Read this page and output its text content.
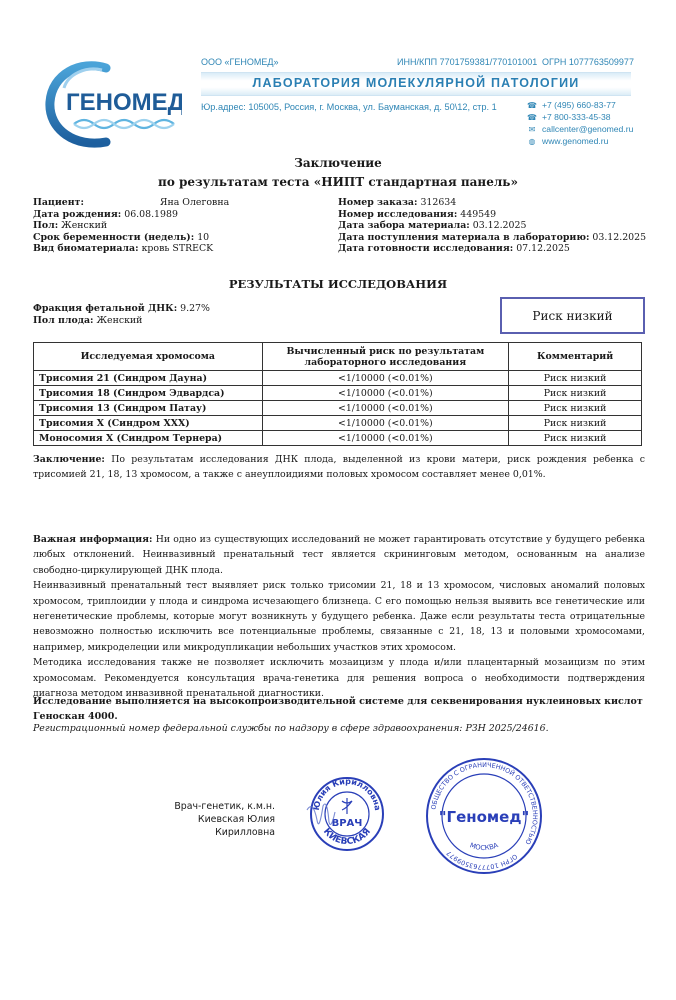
ГЕНОМЕД
ООО «ГЕНОМЕД»	ИНН/КПП 7701759381/770101001 ОГРН 1077763509977
ЛАБОРАТОРИЯ МОЛЕКУЛЯРНОЙ ПАТОЛОГИИ
Юр.адрес: 105005, Россия, г. Москва, ул. Бауманская, д. 50\12, стр. 1	☎ +7 (495) 660-83-77
☎ +7 800-333-45-38
✉ callcenter@genomed.ru
◍ www.genomed.ru
Заключение
по результатам теста «НИПТ стандартная панель»
Пациент:	Яна Олеговна
Дата рождения: 06.08.1989
Пол: Женский
Срок беременности (недель): 10
Вид биоматериала: кровь STRECK
Номер заказа: 312634
Номер исследования: 449549
Дата забора материала: 03.12.2025
Дата поступления материала в лабораторию: 03.12.2025
Дата готовности исследования: 07.12.2025
РЕЗУЛЬТАТЫ ИССЛЕДОВАНИЯ
Фракция фетальной ДНК: 9.27%
Пол плода: Женский	Риск низкий
Исследуемая хромосома	Вычисленный риск по результатам лабораторного исследования	Комментарий
Трисомия 21 (Синдром Дауна)	<1/10000 (<0.01%)	Риск низкий
Трисомия 18 (Синдром Эдвардса)	<1/10000 (<0.01%)	Риск низкий
Трисомия 13 (Синдром Патау)	<1/10000 (<0.01%)	Риск низкий
Трисомия X (Синдром XXX)	<1/10000 (<0.01%)	Риск низкий
Моносомия X (Синдром Тернера)	<1/10000 (<0.01%)	Риск низкий
Заключение: По результатам исследования ДНК плода, выделенной из крови матери, риск рождения ребенка с трисомией 21, 18, 13 хромосом, а также с анеуплоидиями половых хромосом составляет менее 0,01%.

Важная информация: Ни одно из существующих исследований не может гарантировать отсутствие у будущего ребенка любых отклонений. Неинвазивный пренатальный тест является скрининговым методом, основанным на анализе свободно-циркулирующей ДНК плода.

Неинвазивный пренатальный тест выявляет риск только трисомии 21, 18 и 13 хромосом, числовых аномалий половых хромосом, триплоидии у плода и синдрома исчезающего близнеца. С его помощью нельзя выявить все генетические или негенетические проблемы, которые могут возникнуть у будущего ребенка. Даже если результаты теста отрицательные невозможно полностью исключить все потенциальные проблемы, связанные с 21, 18, 13 и половыми хромосомами, например, микроделеции или микродупликации небольших участков этих хромосом.

Методика исследования также не позволяет исключить мозаицизм у плода и/или плацентарный мозаицизм по этим хромосомам. Рекомендуется консультация врача-генетика для решения вопроса о необходимости подтверждения диагноза методом инвазивной пренатальной диагностики.

Исследование выполняется на высокопроизводительной системе для секвенирования нуклеиновых кислот Геноскан 4000.
Регистрационный номер федеральной службы по надзору в сфере здравоохранения: РЗН 2025/24616.
Врач-генетик, к.м.н.
Киевская Юлия Кирилловна
Юлия Кирилловна
КИЕВСКАЯ
ВРАЧ
ОБЩЕСТВО С ОГРАНИЧЕННОЙ ОТВЕТСТВЕННОСТЬЮ
ОГРН 1077763509977
МОСКВА
"Геномед"
